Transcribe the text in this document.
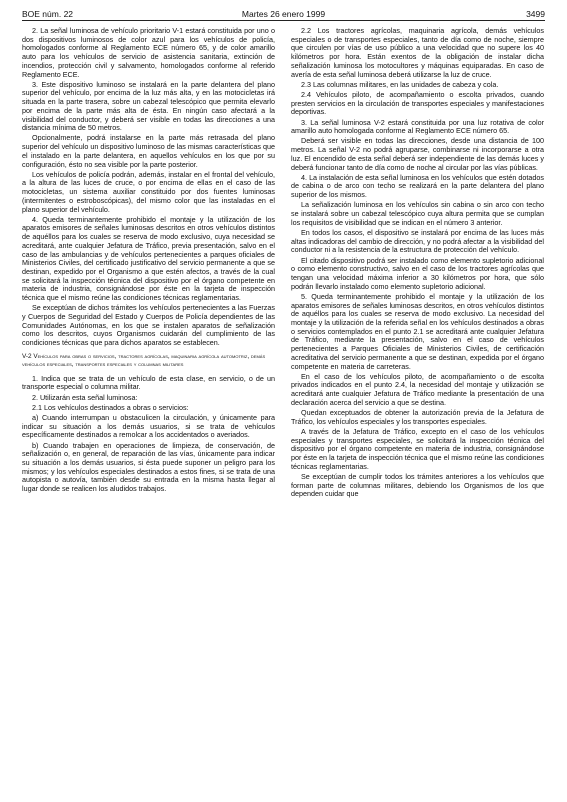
BOE núm. 22	Martes 26 enero 1999	3499

2. La señal luminosa de vehículo prioritario V-1 estará constituida por uno o dos dispositivos luminosos de color azul para los vehículos de policía, homologados conforme al Reglamento ECE número 65, y de color amarillo auto para los vehículos de servicio de asistencia sanitaria, extinción de incendios, protección civil y salvamento, homologados conforme al referido Reglamento ECE.

3. Este dispositivo luminoso se instalará en la parte delantera del plano superior del vehículo, por encima de la luz más alta, y en las motocicletas irá situada en la parte trasera, sobre un cabezal telescópico que permita elevarlo por encima de la parte más alta de ésta. En ningún caso afectará a la visibilidad del conductor, y deberá ser visible en todas las direcciones a una distancia mínima de 50 metros.

Opcionalmente, podrá instalarse en la parte más retrasada del plano superior del vehículo un dispositivo luminoso de las mismas características que el instalado en la parte delantera, en aquellos vehículos en los que por su configuración, ésto no sea visible por la parte posterior.

Los vehículos de policía podrán, además, instalar en el frontal del vehículo, a la altura de las luces de cruce, o por encima de ellas en el caso de las motocicletas, un sistema auxiliar constituido por dos fuentes luminosas (intermitentes o estroboscópicas), del mismo color que las instaladas en el plano superior del vehículo.

4. Queda terminantemente prohibido el montaje y la utilización de los aparatos emisores de señales luminosas descritos en otros vehículos distintos de aquéllos para los cuales se reserva de modo exclusivo, cuya necesidad se acreditará, ante cualquier Jefatura de Tráfico, previa presentación, salvo en el caso de las ambulancias y de vehículos pertenecientes a parques oficiales de Ministerios Civiles, del certificado justificativo del servicio permanente a que se destinan, expedido por el Organismo a que estén afectos, a través de la cual se solicitará la inspección técnica del dispositivo por el órgano competente en materia de industria, consignándose por éste en la tarjeta de inspección técnica que el mismo reúne las condiciones técnicas reglamentarias.

Se exceptúan de dichos trámites los vehículos pertenecientes a las Fuerzas y Cuerpos de Seguridad del Estado y Cuerpos de Policía dependientes de las Comunidades Autónomas, en los que se instalen aparatos de señalización como los descritos, cuyos Organismos cuidarán del cumplimiento de las condiciones técnicas que para dichos aparatos se establecen.

V-2 Vehículos para obras o servicios, tractores agrícolas, maquinaria agrícola automotriz, demás vehículos especiales, transportes especiales y columnas militares

1. Indica que se trata de un vehículo de esta clase, en servicio, o de un transporte especial o columna militar.

2. Utilizarán esta señal luminosa:

2.1 Los vehículos destinados a obras o servicios:

a) Cuando interrumpan u obstaculicen la circulación, y únicamente para indicar su situación a los demás usuarios, si se trata de vehículos específicamente destinados a remolcar a los accidentados o averiados.

b) Cuando trabajen en operaciones de limpieza, de conservación, de señalización o, en general, de reparación de las vías, únicamente para indicar su situación a los demás usuarios, si ésta puede suponer un peligro para los mismos; y los vehículos especiales destinados a estos fines, si se trata de una autopista o autovía, también desde su entrada en la misma hasta llegar al lugar donde se realicen los aludidos trabajos.

2.2 Los tractores agrícolas, maquinaria agrícola, demás vehículos especiales o de transportes especiales, tanto de día como de noche, siempre que circulen por vías de uso público a una velocidad que no supere los 40 kilómetros por hora. Están exentos de la obligación de instalar dicha señalización luminosa los motocultores y máquinas equiparadas. En caso de avería de esta señal luminosa deberá utilizarse la luz de cruce.

2.3 Las columnas militares, en las unidades de cabeza y cola.

2.4 Vehículos piloto, de acompañamiento o escolta privados, cuando presten servicios en la circulación de transportes especiales y manifestaciones deportivas.

3. La señal luminosa V-2 estará constituida por una luz rotativa de color amarillo auto homologada conforme al Reglamento ECE número 65.

Deberá ser visible en todas las direcciones, desde una distancia de 100 metros. La señal V-2 no podrá agruparse, combinarse ni incorporarse a otra luz. El encendido de esta señal deberá ser independiente de las demás luces y deberá funcionar tanto de día como de noche al circular por las vías públicas.

4. La instalación de esta señal luminosa en los vehículos que estén dotados de cabina o de arco con techo se realizará en la parte delantera del plano superior de los mismos.

La señalización luminosa en los vehículos sin cabina o sin arco con techo se instalará sobre un cabezal telescópico cuya altura permita que se cumplan los requisitos de visibilidad que se indican en el número 3 anterior.

En todos los casos, el dispositivo se instalará por encima de las luces más altas indicadoras del cambio de dirección, y no podrá afectar a la visibilidad del conductor ni a la resistencia de la estructura de protección del vehículo.

El citado dispositivo podrá ser instalado como elemento supletorio adicional o como elemento constructivo, salvo en el caso de los tractores agrícolas que tengan una velocidad máxima inferior a 30 kilómetros por hora, que sólo podrán llevarlo instalado como elemento supletorio adicional.

5. Queda terminantemente prohibido el montaje y la utilización de los aparatos emisores de señales luminosas descritos, en otros vehículos distintos de aquéllos para los cuales se reserva de modo exclusivo. La necesidad del montaje y la utilización de la referida señal en los vehículos destinados a obras o servicios contemplados en el punto 2.1 se acreditará ante cualquier Jefatura de Tráfico, mediante la presentación, salvo en el caso de vehículos pertenecientes a Parques Oficiales de Ministerios Civiles, de certificación acreditativa del servicio permanente a que se destinan, expedida por el órgano competente en materia de carreteras.

En el caso de los vehículos piloto, de acompañamiento o de escolta privados indicados en el punto 2.4, la necesidad del montaje y utilización se acreditará ante cualquier Jefatura de Tráfico mediante la presentación de una declaración acerca del servicio a que se destina.

Quedan exceptuados de obtener la autorización previa de la Jefatura de Tráfico, los vehículos especiales y los transportes especiales.

A través de la Jefatura de Tráfico, excepto en el caso de los vehículos especiales y transportes especiales, se solicitará la inspección técnica del dispositivo por el órgano competente en materia de industria, consignándose por éste en la tarjeta de inspección técnica que el mismo reúne las condiciones técnicas reglamentarias.

Se exceptúan de cumplir todos los trámites anteriores a los vehículos que forman parte de columnas militares, debiendo los Organismos de los que dependen cuidar que
